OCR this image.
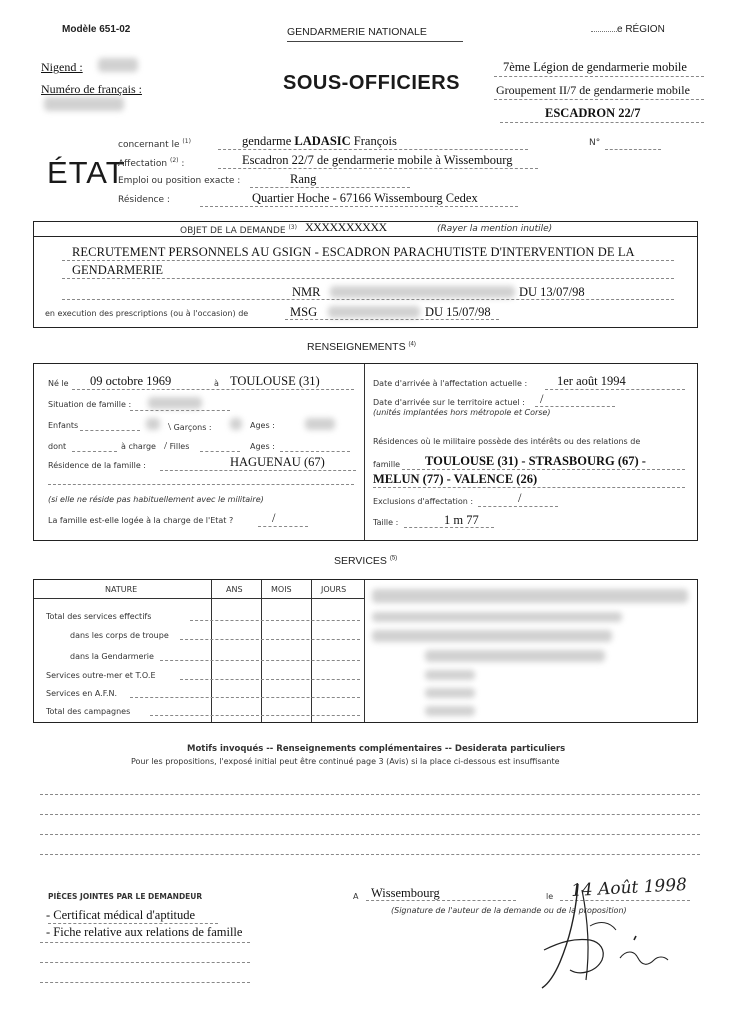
Modèle 651-02	GENDARMERIE NATIONALE	e RÉGION
Nigend :
Numéro de français :	SOUS-OFFICIERS
7ème Légion de gendarmerie mobile
Groupement II/7 de gendarmerie mobile
ESCADRON 22/7
ÉTAT
concernant le $^{(1)}$	gendarme LADASIC François	N°
Affectation $^{(2)}$ :	Escadron 22/7 de gendarmerie mobile à Wissembourg
Emploi ou position exacte :	Rang
Résidence :	Quartier Hoche - 67166 Wissembourg Cedex
OBJET DE LA DEMANDE $^{(3)}$ XXXXXXXXXX	(Rayer la mention inutile)
RECRUTEMENT PERSONNELS AU GSIGN - ESCADRON PARACHUTISTE D'INTERVENTION DE LA
GENDARMERIE
NMR	DU 13/07/98
en execution des prescriptions (ou à l'occasion) de	MSG	DU 15/07/98
RENSEIGNEMENTS $^{(4)}$
Né le 09 octobre 1969	à TOULOUSE (31)
Situation de famille :
Enfants	\ Garçons :	Ages :
dont	à charge / Filles	Ages :
Résidence de la famille :	HAGUENAU (67)
(si elle ne réside pas habituellement avec le militaire)
La famille est-elle logée à la charge de l'Etat ?	/
Date d'arrivée à l'affectation actuelle : 1er août 1994
Date d'arrivée sur le territoire actuel : /
(unités implantées hors métropole et Corse)
Résidences où le militaire possède des intérêts ou des relations de
famille TOULOUSE (31) - STRASBOURG (67) -
MELUN (77) - VALENCE (26)
Exclusions d'affectation :	/
Taille :	1 m 77
SERVICES $^{(5)}$
NATURE	ANS	MOIS	JOURS
Total des services effectifs
dans les corps de troupe
dans la Gendarmerie
Services outre-mer et T.O.E
Services en A.F.N.
Total des campagnes
Motifs invoqués -- Renseignements complémentaires -- Desiderata particuliers
Pour les propositions, l'exposé initial peut être continué page 3 (Avis) si la place ci-dessous est insuffisante
PIÈCES JOINTES PAR LE DEMANDEUR
- Certificat médical d'aptitude
- Fiche relative aux relations de famille
A Wissembourg	le 14 Août 1998
(Signature de l'auteur de la demande ou de la proposition)
